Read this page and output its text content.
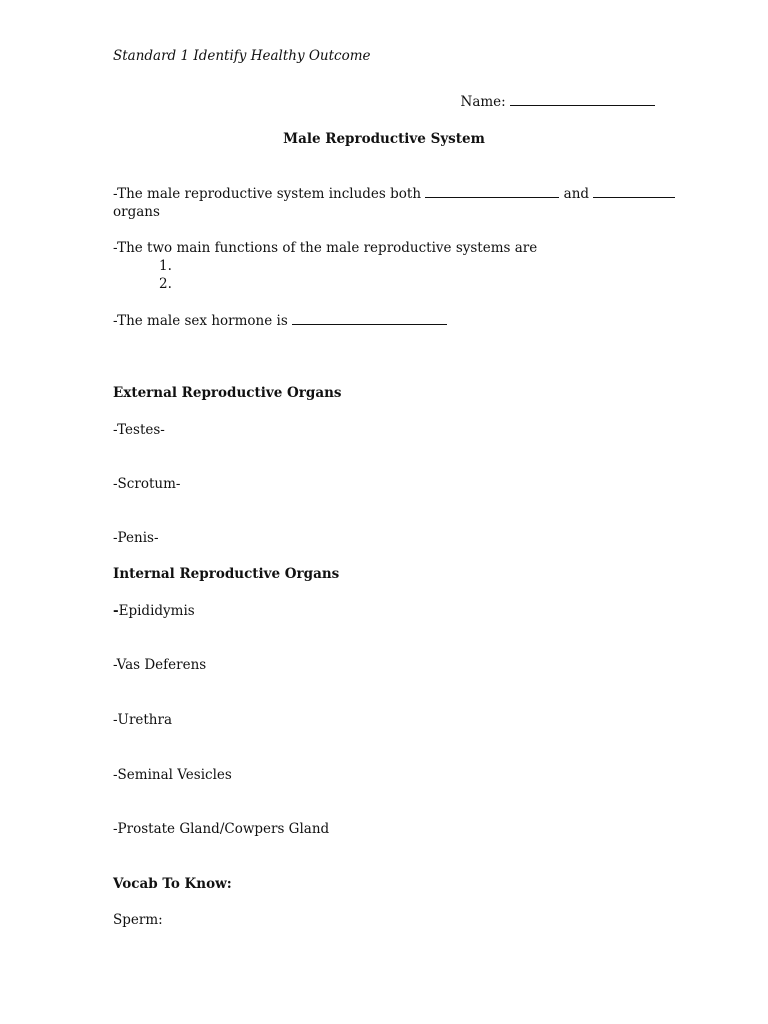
Standard 1 Identify Healthy Outcome
Name:
Male Reproductive System
-The male reproductive system includes both	and
organs
-The two main functions of the male reproductive systems are
1.
2.
-The male sex hormone is
External Reproductive Organs
-Testes-
-Scrotum-
-Penis-
Internal Reproductive Organs
-Epididymis
-Vas Deferens
-Urethra
-Seminal Vesicles
-Prostate Gland/Cowpers Gland
Vocab To Know:
Sperm:
